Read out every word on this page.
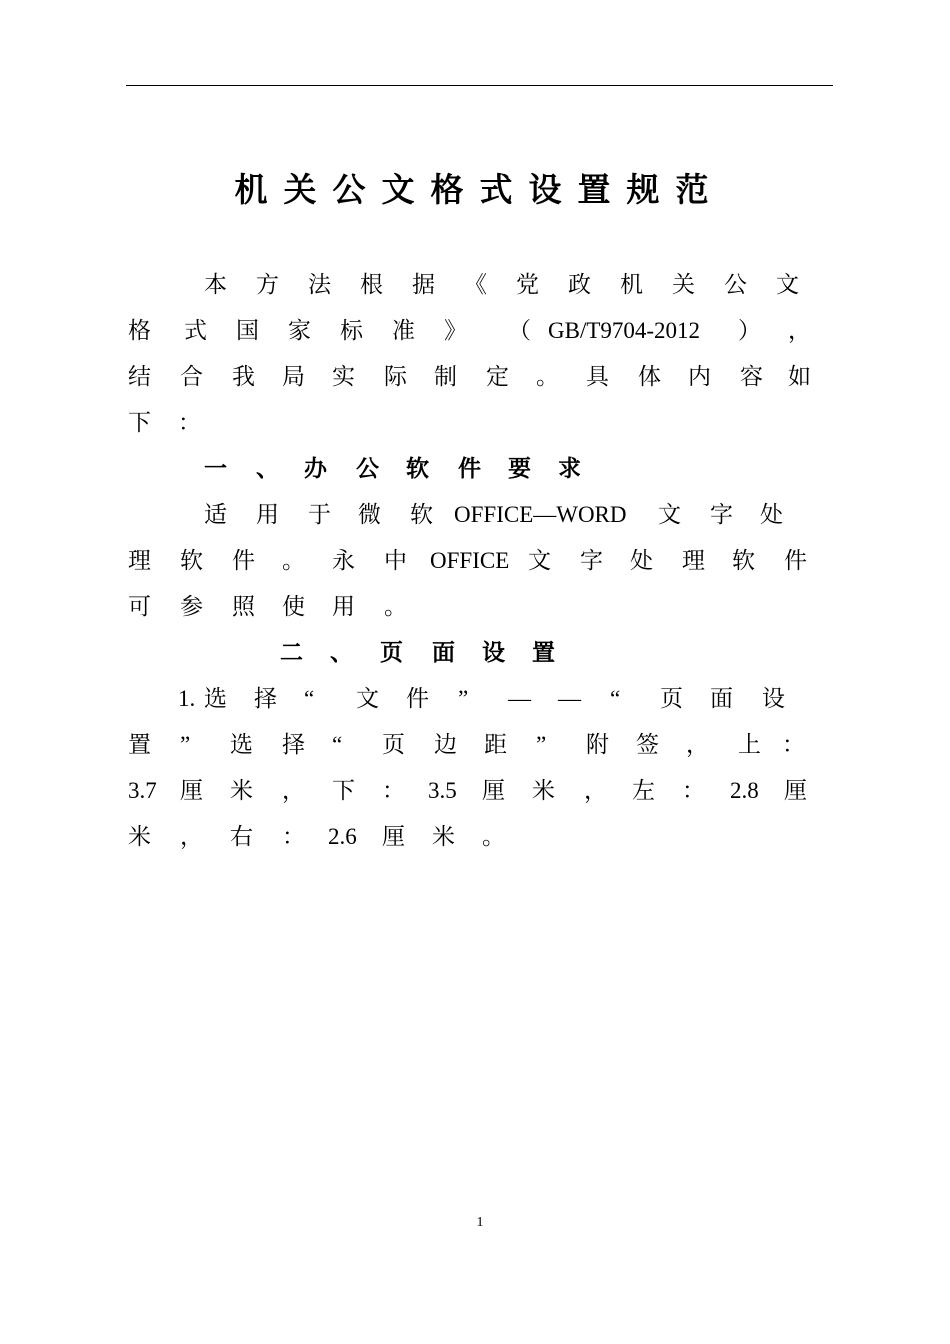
机关公文格式设置规范
本 方 法 根 据 《 党 政 机 关 公 文
格 式 国 家 标 准 》 （ GB/T9704-2012 ） ，
结 合 我 局 实 际 制 定 。 具 体 内 容 如
下 ：
一 、 办 公 软 件 要 求
适 用 于 微 软 OFFICE—WORD 文 字 处
理 软 件 。 永 中 OFFICE 文 字 处 理 软 件
可 参 照 使 用 。
二 、 页 面 设 置
1. 选 择 “ 文 件 ” — — “ 页 面 设
置 ” 选 择 “ 页 边 距 ” 附 签 ， 上 ：
3.7 厘 米 ， 下 ： 3.5 厘 米 ， 左 ： 2.8 厘
米 ， 右 ： 2.6 厘 米 。
1
